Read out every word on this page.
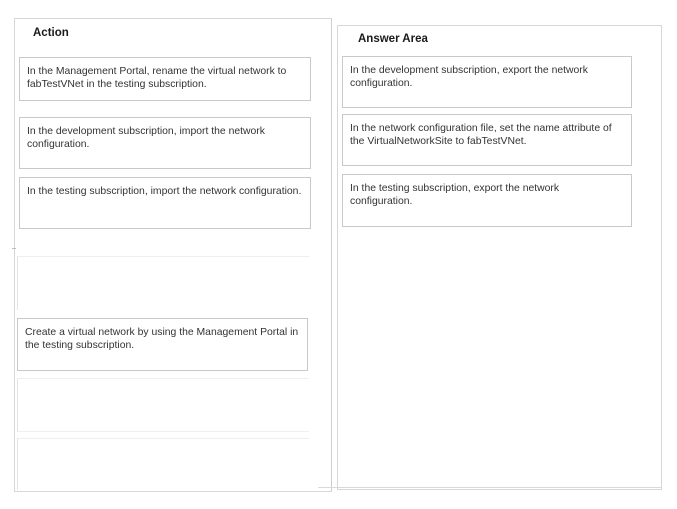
Action	Answer Area
In the Management Portal, rename the virtual network to fabTestVNet in the testing subscription.
In the development subscription, import the network configuration.
In the testing subscription, import the network configuration.
Create a virtual network by using the Management Portal in the testing subscription.
In the development subscription, export the network configuration.
In the network configuration file, set the name attribute of the VirtualNetworkSite to fabTestVNet.
In the testing subscription, export the network configuration.
